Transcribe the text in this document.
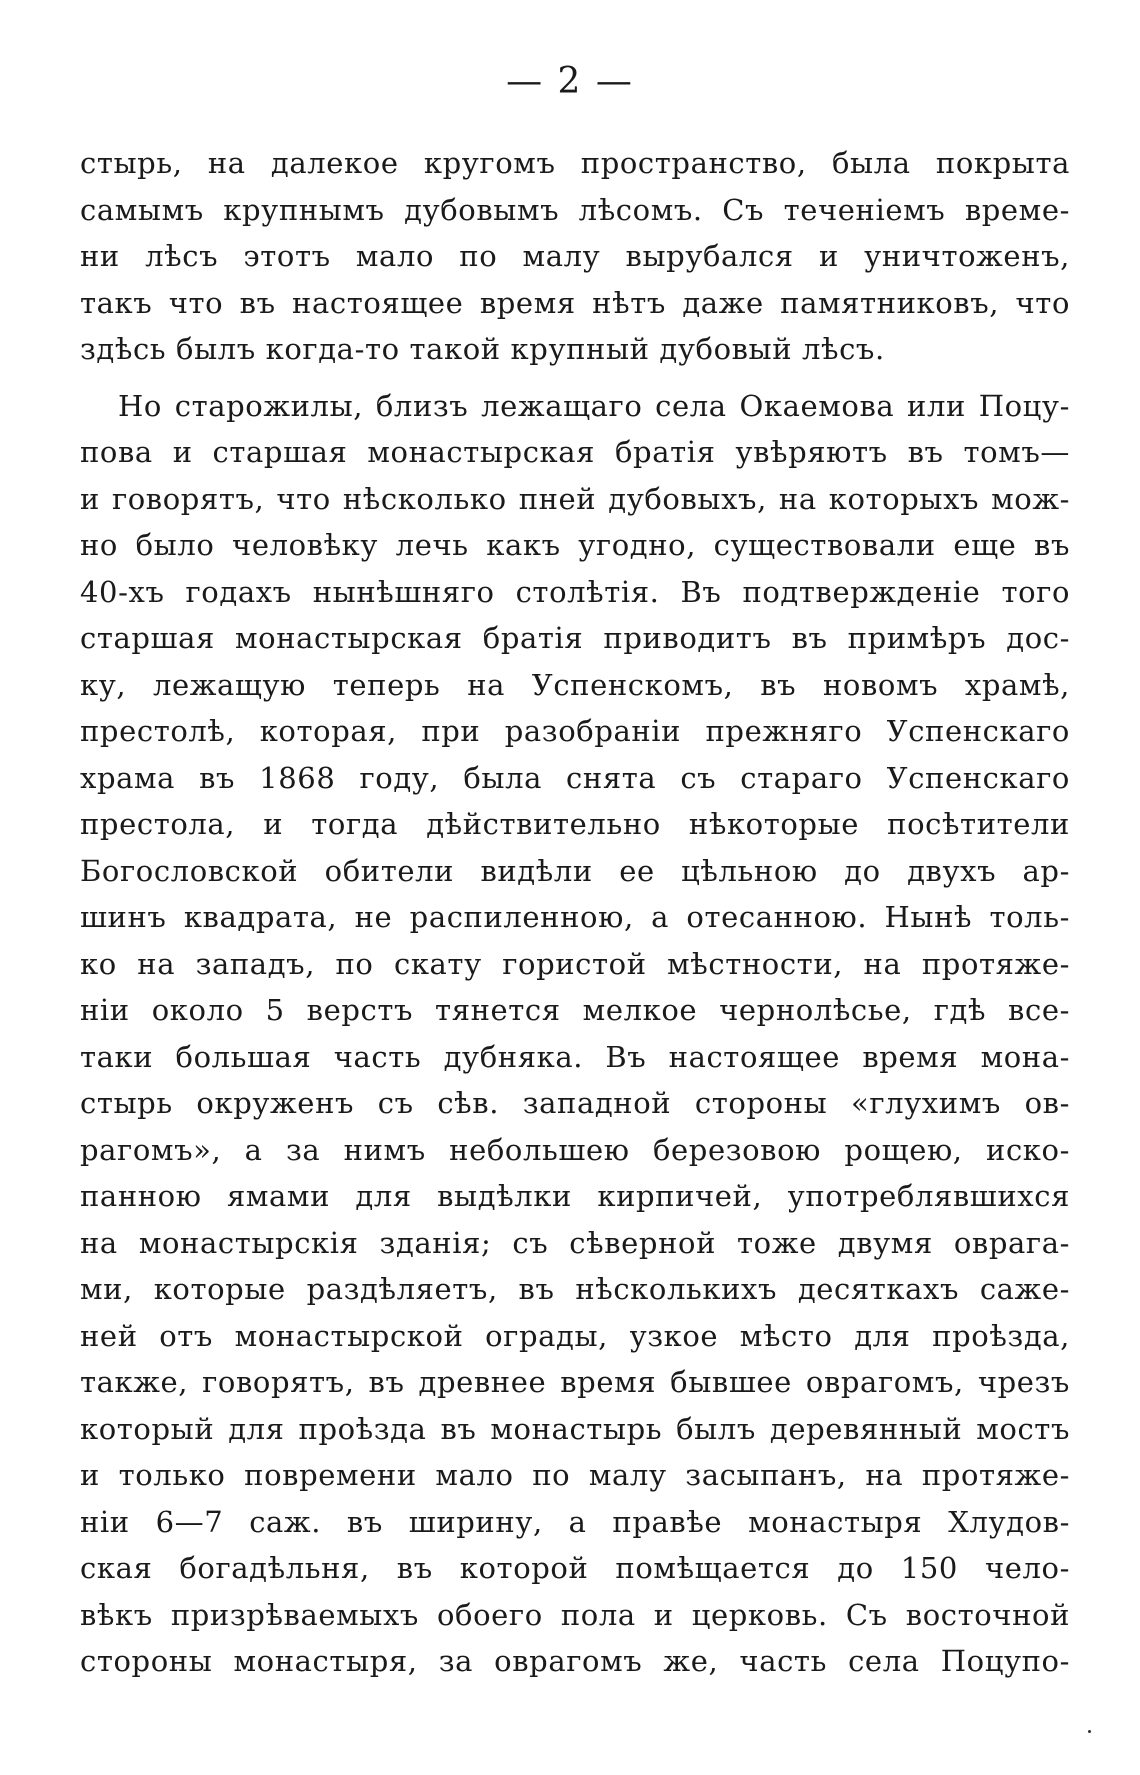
— 2 —
стырь, на далекое кругомъ пространство, была покрыта
самымъ крупнымъ дубовымъ лѣсомъ. Съ теченіемъ време-
ни лѣсъ этотъ мало по малу вырубался и уничтоженъ,
такъ что въ настоящее время нѣтъ даже памятниковъ, что
здѣсь былъ когда-то такой крупный дубовый лѣсъ.
Но старожилы, близъ лежащаго села Окаемова или Поцу-
пова и старшая монастырская братія увѣряютъ въ томъ—
и говорятъ, что нѣсколько пней дубовыхъ, на которыхъ мож-
но было человѣку лечь какъ угодно, существовали еще въ
40-хъ годахъ нынѣшняго столѣтія. Въ подтвержденіе того
старшая монастырская братія приводитъ въ примѣръ дос-
ку, лежащую теперь на Успенскомъ, въ новомъ храмѣ,
престолѣ, которая, при разобраніи прежняго Успенскаго
храма въ 1868 году, была снята съ стараго Успенскаго
престола, и тогда дѣйствительно нѣкоторые посѣтители
Богословской обители видѣли ее цѣльною до двухъ ар-
шинъ квадрата, не распиленною, а отесанною. Нынѣ толь-
ко на западъ, по скату гористой мѣстности, на протяже-
ніи около 5 верстъ тянется мелкое чернолѣсье, гдѣ все-
таки большая часть дубняка. Въ настоящее время мона-
стырь окруженъ съ сѣв. западной стороны «глухимъ ов-
рагомъ», а за нимъ небольшею березовою рощею, иско-
панною ямами для выдѣлки кирпичей, употреблявшихся
на монастырскія зданія; съ сѣверной тоже двумя овpага-
ми, которые раздѣляетъ, въ нѣсколькихъ десяткахъ саже-
ней отъ монастырской ограды, узкое мѣсто для проѣзда,
также, говорятъ, въ древнее время бывшее оврагомъ, чрезъ
который для проѣзда въ монастырь былъ деревянный мостъ
и только повремени мало по малу засыпанъ, на протяже-
ніи 6—7 саж. въ ширину, а правѣе монастыря Хлудов-
ская богадѣльня, въ которой помѣщается до 150 чело-
вѣкъ призрѣваемыхъ обоего пола и церковь. Съ восточной
стороны монастыря, за оврагомъ же, часть села Поцупо-
